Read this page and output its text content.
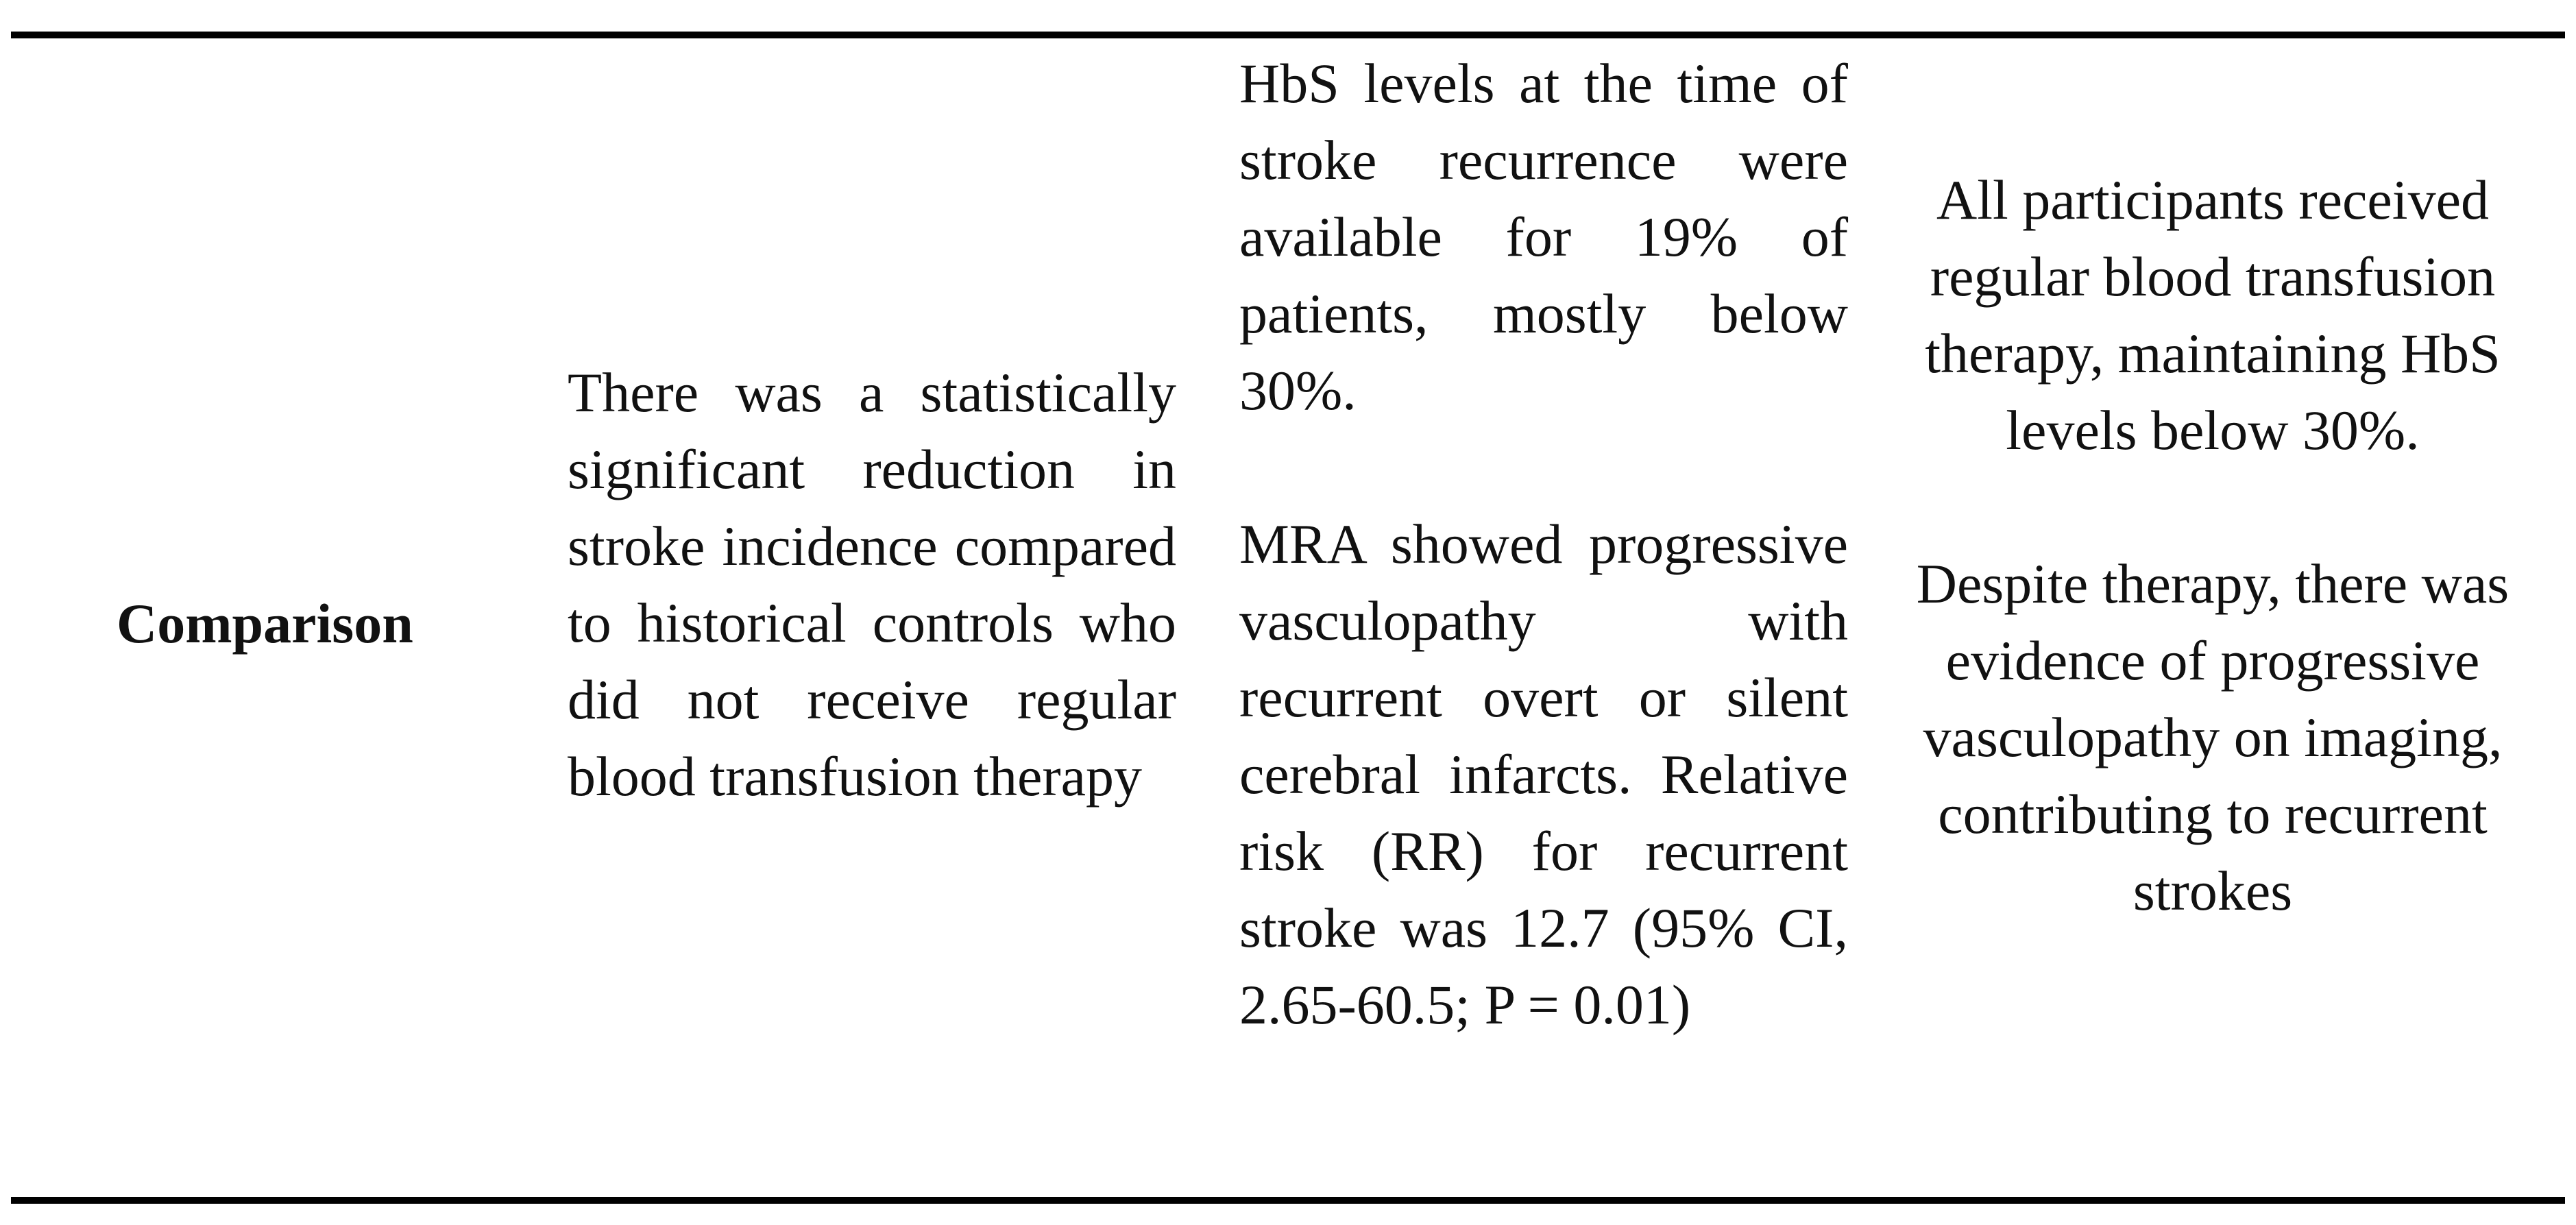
Comparison
There was a statistically significant reduction in stroke incidence compared to historical controls who did not receive regular blood transfusion therapy
HbS levels at the time of stroke recurrence were available for 19% of patients, mostly below 30%.
MRA showed progressive vasculopathy with recurrent overt or silent cerebral infarcts. Relative risk (RR) for recurrent stroke was 12.7 (95% CI, 2.65-60.5; P = 0.01)
All participants received regular blood transfusion therapy, maintaining HbS levels below 30%.
Despite therapy, there was evidence of progressive vasculopathy on imaging, contributing to recurrent strokes
